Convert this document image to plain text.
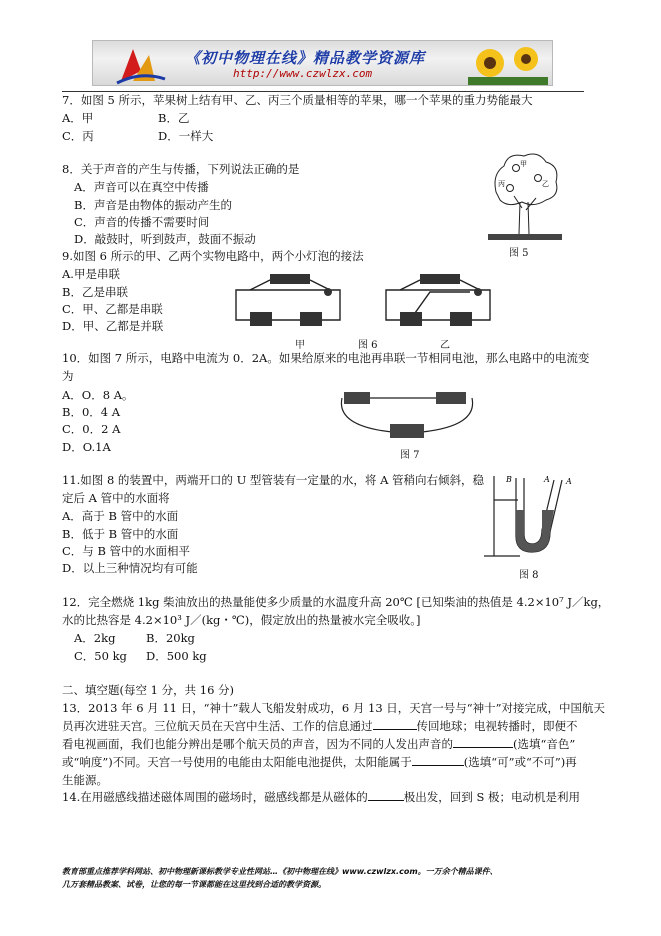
《初中物理在线》精品教学资源库
http://www.czwlzx.com
7．如图 5 所示，苹果树上结有甲、乙、丙三个质量相等的苹果，哪一个苹果的重力势能最大
A．甲	B．乙
C．丙	D．一样大
8．关于声音的产生与传播，下列说法正确的是
A．声音可以在真空中传播
B．声音是由物体的振动产生的
C．声音的传播不需要时间
D．敲鼓时，听到鼓声，鼓面不振动
甲
乙
丙
图 5
9.如图 6 所示的甲、乙两个实物电路中，两个小灯泡的接法
A.甲是串联
B．乙是串联
C．甲、乙都是串联
D．甲、乙都是并联
甲	图 6	乙
10．如图 7 所示，电路中电流为 0．2A。如果给原来的电池再串联一节相同电池，那么电路中的电流变
为
A．O．8 A。
B．0．4 A
C．0．2 A
D．O.1A
图 7
11.如图 8 的装置中，两端开口的 U 型管装有一定量的水，将 A 管稍向右倾斜，稳
定后 A 管中的水面将
A．高于 B 管中的水面
B．低于 B 管中的水面
C．与 B 管中的水面相平
D．以上三种情况均有可能
B	A A
图 8
12．完全燃烧 1kg 柴油放出的热量能使多少质量的水温度升高 20℃ [已知柴油的热值是 4.2×10⁷ J／kg，
水的比热容是 4.2×10³ J／(kg・℃)，假定放出的热量被水完全吸收。]
A．2kg	B．20kg
C．50 kg D．500 kg
二、填空题(每空 1 分，共 16 分)
13．2013 年 6 月 11 日，“神十”载人飞船发射成功，6 月 13 日，天宫一号与“神十”对接完成，中国航天
员再次进驻天宫。三位航天员在天宫中生活、工作的信息通过	传回地球；电视转播时，即便不
看电视画面，我们也能分辨出是哪个航天员的声音，因为不同的人发出声音的	(选填“音色”
或“响度”)不同。天宫一号使用的电能由太阳能电池提供，太阳能属于	(选填“可”或“不可”)再
生能源。
14.在用磁感线描述磁体周围的磁场时，磁感线都是从磁体的	极出发，回到 S 极；电动机是利用
教育部重点推荐学科网站、初中物理新课标教学专业性网站…《初中物理在线》www.czwlzx.com。一万余个精品课件、
几万套精品教案、试卷，让您的每一节课都能在这里找到合适的教学资源。
